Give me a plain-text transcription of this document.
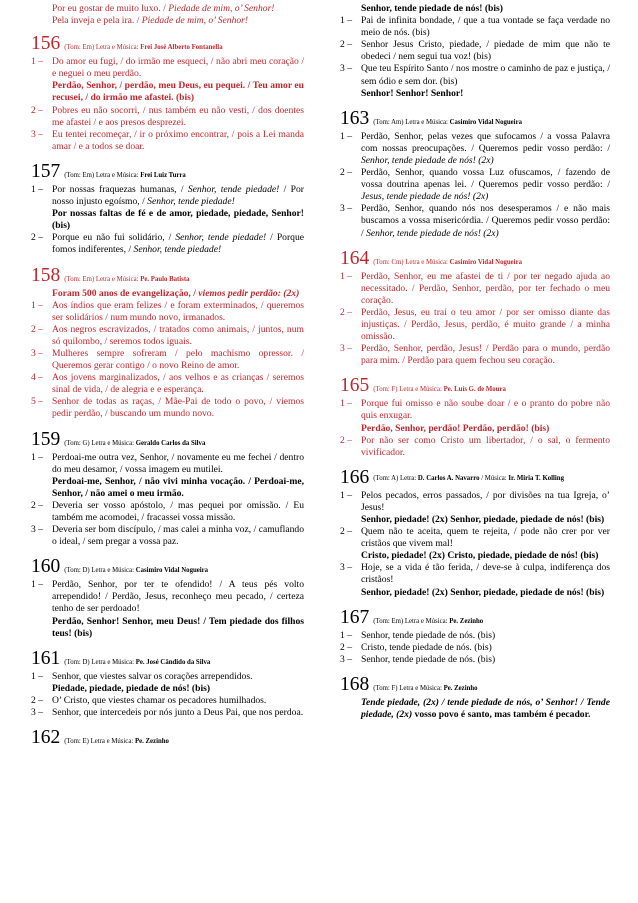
Por eu gostar de muito luxo. / Piedade de mim, o’ Senhor!
Pela inveja e pela ira. / Piedade de mim, o’ Senhor!
156 (Tom: Em) Letra e Música: Frei José Alberto Fontanella
1 – Do amor eu fugi, / do irmão me esqueci, / não abri meu coração / e neguei o meu perdão.
Perdão, Senhor, / perdão, meu Deus, eu pequei. / Teu amor eu recusei, / do irmão me afastei. (bis)
2 – Pobres eu não socorri, / nus também eu não vesti, / dos doentes me afastei / e aos presos desprezei.
3 – Eu tentei recomeçar, / ir o próximo encontrar, / pois a Lei manda amar / e a todos se doar.
157 (Tom: Em) Letra e Música: Frei Luiz Turra
1 – Por nossas fraquezas humanas, / Senhor, tende piedade! / Por nosso injusto egoísmo, / Senhor, tende piedade!
Por nossas faltas de fé e de amor, piedade, piedade, Senhor! (bis)
2 – Porque eu não fui solidário, / Senhor, tende piedade! / Porque fomos indiferentes, / Senhor, tende piedade!
158 (Tom: Em) Letra e Música: Pe. Paulo Batista
Foram 500 anos de evangelização, / viemos pedir perdão: (2x)
1 – Aos índios que eram felizes / e foram exterminados, / queremos ser solidários / num mundo novo, irmanados.
2 – Aos negros escravizados, / tratados como animais, / juntos, num só quilombo, / seremos todos iguais.
3 – Mulheres sempre sofreram / pelo machismo opressor. / Queremos gerar contigo / o novo Reino de amor.
4 – Aos jovens marginalizados, / aos velhos e as crianças / seremos sinal de vida, / de alegria e e esperança.
5 – Senhor de todas as raças, / Mãe-Pai de todo o povo, / viemos pedir perdão, / buscando um mundo novo.
159 (Tom: G) Letra e Música: Geraldo Carlos da Silva
1 – Perdoai-me outra vez, Senhor, / novamente eu me fechei / dentro do meu desamor, / vossa imagem eu mutilei.
Perdoai-me, Senhor, / não vivi minha vocação. / Perdoai-me, Senhor, / não amei o meu irmão.
2 – Deveria ser vosso apóstolo, / mas pequei por omissão. / Eu também me acomodei, / fracassei vossa missão.
3 – Deveria ser bom discípulo, / mas calei a minha voz, / camuflando o ideal, / sem pregar a vossa paz.
160 (Tom: D) Letra e Música: Casimiro Vidal Nogueira
1 – Perdão, Senhor, por ter te ofendido! / A teus pés volto arrependido! / Perdão, Jesus, reconheço meu pecado, / certeza tenho de ser perdoado!
Perdão, Senhor! Senhor, meu Deus! / Tem piedade dos filhos teus! (bis)
161 (Tom: D) Letra e Música: Pe. José Cândido da Silva
1 – Senhor, que viestes salvar os corações arrependidos.
Piedade, piedade, piedade de nós! (bis)
2 – O’ Cristo, que viestes chamar os pecadores humilhados.
3 – Senhor, que intercedeis por nós junto a Deus Pai, que nos perdoa.
162 (Tom: E) Letra e Música: Pe. Zezinho
Senhor, tende piedade de nós! (bis)
1 – Pai de infinita bondade, / que a tua vontade se faça verdade no meio de nós. (bis)
2 – Senhor Jesus Cristo, piedade, / piedade de mim que não te obedeci / nem segui tua voz! (bis)
3 – Que teu Espírito Santo / nos mostre o caminho de paz e justiça, / sem ódio e sem dor. (bis)
Senhor! Senhor! Senhor!
163 (Tom: Am) Letra e Música: Casimiro Vidal Nogueira
1 – Perdão, Senhor, pelas vezes que sufocamos / a vossa Palavra com nossas preocupações. / Queremos pedir vosso perdão: / Senhor, tende piedade de nós! (2x)
2 – Perdão, Senhor, quando vossa Luz ofuscamos, / fazendo de vossa doutrina apenas lei. / Queremos pedir vosso perdão: / Jesus, tende piedade de nós! (2x)
3 – Perdão, Senhor, quando nós nos desesperamos / e não mais buscamos a vossa misericórdia. / Queremos pedir vosso perdão: / Senhor, tende piedade de nós! (2x)
164 (Tom: Cm) Letra e Música: Casimiro Vidal Nogueira
1 – Perdão, Senhor, eu me afastei de ti / por ter negado ajuda ao necessitado. / Perdão, Senhor, perdão, por ter fechado o meu coração.
2 – Perdão, Jesus, eu traí o teu amor / por ser omisso diante das injustiças. / Perdão, Jesus, perdão, é muito grande / a minha omissão.
3 – Perdão, Senhor, perdão, Jesus! / Perdão para o mundo, perdão para mim. / Perdão para quem fechou seu coração.
165 (Tom: F) Letra e Música: Pe. Luís G. de Moura
1 – Porque fui omisso e não soube doar / e o pranto do pobre não quis enxugar.
Perdão, Senhor, perdão! Perdão, perdão! (bis)
2 – Por não ser como Cristo um libertador, / o sal, o fermento vivificador.
166 (Tom: A) Letra: D. Carlos A. Navarro / Música: Ir. Miria T. Kolling
1 – Pelos pecados, erros passados, / por divisões na tua Igreja, o’ Jesus!
Senhor, piedade! (2x) Senhor, piedade, piedade de nós! (bis)
2 – Quem não te aceita, quem te rejeita, / pode não crer por ver cristãos que vivem mal!
Cristo, piedade! (2x) Cristo, piedade, piedade de nós! (bis)
3 – Hoje, se a vida é tão ferida, / deve-se à culpa, indiferença dos cristãos!
Senhor, piedade! (2x) Senhor, piedade, piedade de nós! (bis)
167 (Tom: Em) Letra e Música: Pe. Zezinho
1 – Senhor, tende piedade de nós. (bis)
2 – Cristo, tende piedade de nós. (bis)
3 – Senhor, tende piedade de nós. (bis)
168 (Tom: F) Letra e Música: Pe. Zezinho
Tende piedade, (2x) / tende piedade de nós, o’ Senhor! / Tende piedade, (2x) vosso povo é santo, mas também é pecador.
